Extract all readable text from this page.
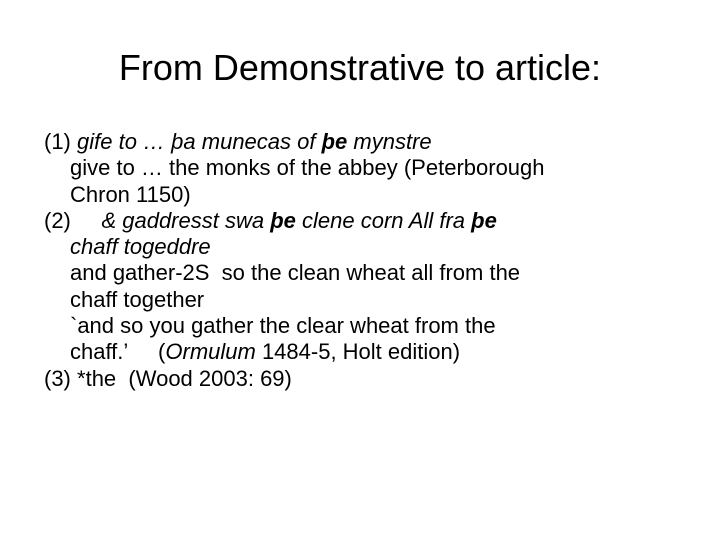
From Demonstrative to article:
(1) gife to … þa munecas of þe mynstre
give to … the monks of the abbey (Peterborough
Chron 1150)
(2) & gaddresst swa þe clene corn All fra þe
chaff togeddre
and gather-2S  so the clean wheat all from the
chaff together
`and so you gather the clear wheat from the
chaff.’     (Ormulum 1484-5, Holt edition)
(3) *the  (Wood 2003: 69)
